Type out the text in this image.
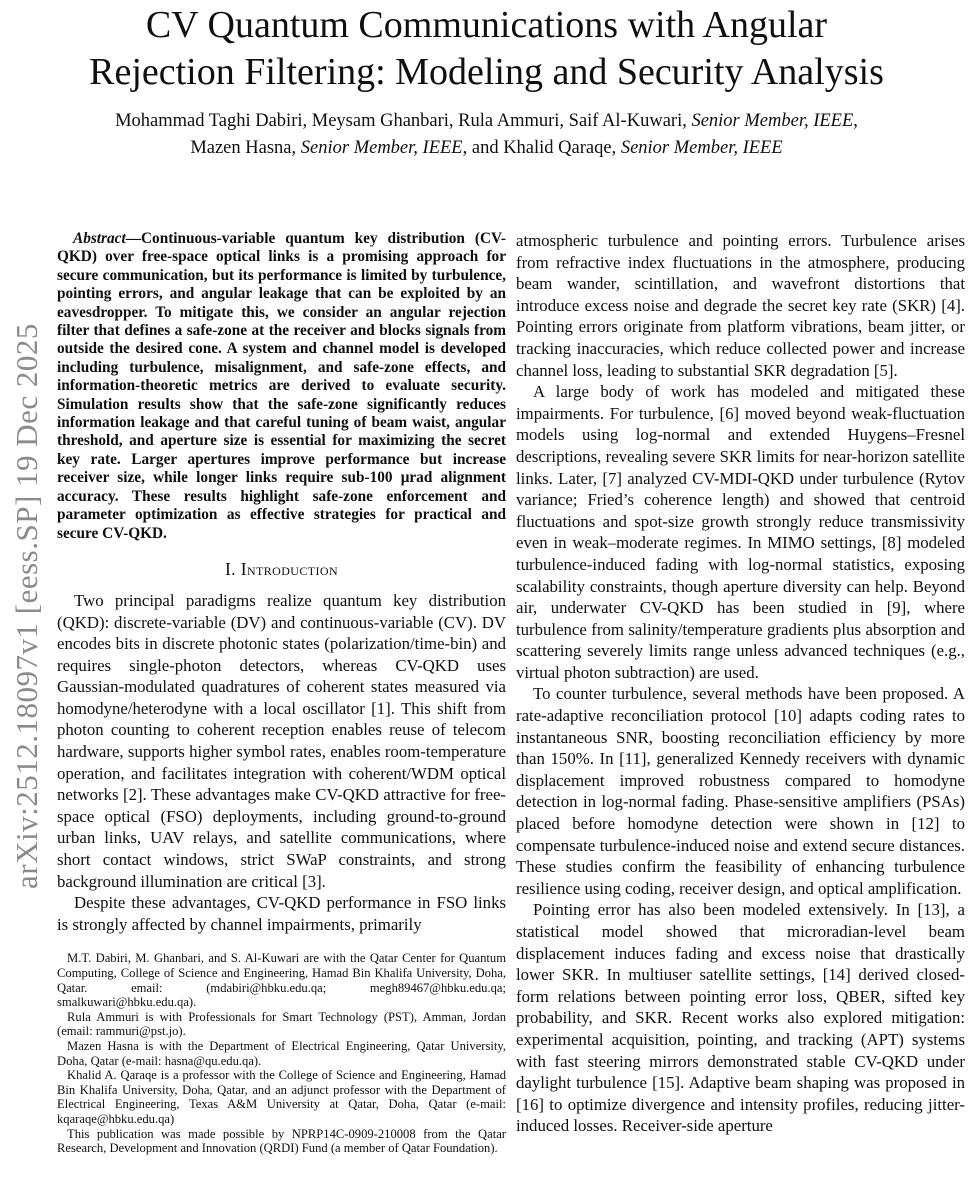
arXiv:2512.18097v1 [eess.SP] 19 Dec 2025
CV Quantum Communications with Angular
Rejection Filtering: Modeling and Security Analysis
Mohammad Taghi Dabiri, Meysam Ghanbari, Rula Ammuri, Saif Al-Kuwari, Senior Member, IEEE,
Mazen Hasna, Senior Member, IEEE, and Khalid Qaraqe, Senior Member, IEEE

Abstract—Continuous-variable quantum key distribution (CV-QKD) over free-space optical links is a promising approach for secure communication, but its performance is limited by turbulence, pointing errors, and angular leakage that can be exploited by an eavesdropper. To mitigate this, we consider an angular rejection filter that defines a safe-zone at the receiver and blocks signals from outside the desired cone. A system and channel model is developed including turbulence, misalignment, and safe-zone effects, and information-theoretic metrics are derived to evaluate security. Simulation results show that the safe-zone significantly reduces information leakage and that careful tuning of beam waist, angular threshold, and aperture size is essential for maximizing the secret key rate. Larger apertures improve performance but increase receiver size, while longer links require sub-100 μrad alignment accuracy. These results highlight safe-zone enforcement and parameter optimization as effective strategies for practical and secure CV-QKD.

I. Introduction

Two principal paradigms realize quantum key distribution (QKD): discrete-variable (DV) and continuous-variable (CV). DV encodes bits in discrete photonic states (polarization/time-bin) and requires single-photon detectors, whereas CV-QKD uses Gaussian-modulated quadratures of coherent states measured via homodyne/heterodyne with a local oscillator [1]. This shift from photon counting to coherent reception enables reuse of telecom hardware, supports higher symbol rates, enables room-temperature operation, and facilitates integration with coherent/WDM optical networks [2]. These advantages make CV-QKD attractive for free-space optical (FSO) deployments, including ground-to-ground urban links, UAV relays, and satellite communications, where short contact windows, strict SWaP constraints, and strong background illumination are critical [3].

Despite these advantages, CV-QKD performance in FSO links is strongly affected by channel impairments, primarily

M.T. Dabiri, M. Ghanbari, and S. Al-Kuwari are with the Qatar Center for Quantum Computing, College of Science and Engineering, Hamad Bin Khalifa University, Doha, Qatar. email: (mdabiri@hbku.edu.qa; megh89467@hbku.edu.qa; smalkuwari@hbku.edu.qa).

Rula Ammuri is with Professionals for Smart Technology (PST), Amman, Jordan (email: rammuri@pst.jo).

Mazen Hasna is with the Department of Electrical Engineering, Qatar University, Doha, Qatar (e-mail: hasna@qu.edu.qa).

Khalid A. Qaraqe is a professor with the College of Science and Engineering, Hamad Bin Khalifa University, Doha, Qatar, and an adjunct professor with the Department of Electrical Engineering, Texas A&M University at Qatar, Doha, Qatar (e-mail: kqaraqe@hbku.edu.qa)

This publication was made possible by NPRP14C-0909-210008 from the Qatar Research, Development and Innovation (QRDI) Fund (a member of Qatar Foundation).

atmospheric turbulence and pointing errors. Turbulence arises from refractive index fluctuations in the atmosphere, producing beam wander, scintillation, and wavefront distortions that introduce excess noise and degrade the secret key rate (SKR) [4]. Pointing errors originate from platform vibrations, beam jitter, or tracking inaccuracies, which reduce collected power and increase channel loss, leading to substantial SKR degradation [5].

A large body of work has modeled and mitigated these impairments. For turbulence, [6] moved beyond weak-fluctuation models using log-normal and extended Huygens–Fresnel descriptions, revealing severe SKR limits for near-horizon satellite links. Later, [7] analyzed CV-MDI-QKD under turbulence (Rytov variance; Fried’s coherence length) and showed that centroid fluctuations and spot-size growth strongly reduce transmissivity even in weak–moderate regimes. In MIMO settings, [8] modeled turbulence-induced fading with log-normal statistics, exposing scalability constraints, though aperture diversity can help. Beyond air, underwater CV-QKD has been studied in [9], where turbulence from salinity/temperature gradients plus absorption and scattering severely limits range unless advanced techniques (e.g., virtual photon subtraction) are used.

To counter turbulence, several methods have been proposed. A rate-adaptive reconciliation protocol [10] adapts coding rates to instantaneous SNR, boosting reconciliation efficiency by more than 150%. In [11], generalized Kennedy receivers with dynamic displacement improved robustness compared to homodyne detection in log-normal fading. Phase-sensitive amplifiers (PSAs) placed before homodyne detection were shown in [12] to compensate turbulence-induced noise and extend secure distances. These studies confirm the feasibility of enhancing turbulence resilience using coding, receiver design, and optical amplification.

Pointing error has also been modeled extensively. In [13], a statistical model showed that microradian-level beam displacement induces fading and excess noise that drastically lower SKR. In multiuser satellite settings, [14] derived closed-form relations between pointing error loss, QBER, sifted key probability, and SKR. Recent works also explored mitigation: experimental acquisition, pointing, and tracking (APT) systems with fast steering mirrors demonstrated stable CV-QKD under daylight turbulence [15]. Adaptive beam shaping was proposed in [16] to optimize divergence and intensity profiles, reducing jitter-induced losses. Receiver-side aperture
